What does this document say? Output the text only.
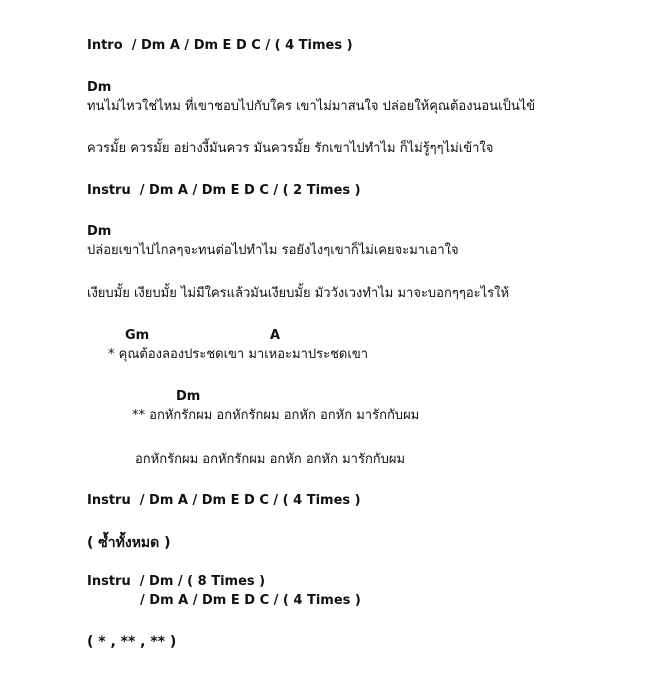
Intro  / Dm A / Dm E D C / ( 4 Times )
Dm
ทนไม่ไหวใช่ไหม ที่เขาชอบไปกับใคร เขาไม่มาสนใจ ปล่อยให้คุณต้องนอนเป็นไข้
ควรมั้ย ควรมั้ย อย่างงี้มันควร มันควรมั้ย รักเขาไปทำไม ก็ไม่รู้ๆๆไม่เข้าใจ
Instru  / Dm A / Dm E D C / ( 2 Times )
Dm
ปล่อยเขาไปไกลๆจะทนต่อไปทำไม รอยังไงๆเขาก็ไม่เคยจะมาเอาใจ
เงียบมั้ย เงียบมั้ย ไม่มีใครแล้วมันเงียบมั้ย มัววังเวงทำไม มาจะบอกๆๆอะไรให้
Gm	A
* คุณต้องลองประชดเขา มาเหอะมาประชดเขา
Dm
** อกหักรักผม อกหักรักผม อกหัก อกหัก มารักกับผม
อกหักรักผม อกหักรักผม อกหัก อกหัก มารักกับผม
Instru  / Dm A / Dm E D C / ( 4 Times )
( ซ้ำทั้งหมด )
Instru  / Dm / ( 8 Times )
/ Dm A / Dm E D C / ( 4 Times )
( * , ** , ** )
